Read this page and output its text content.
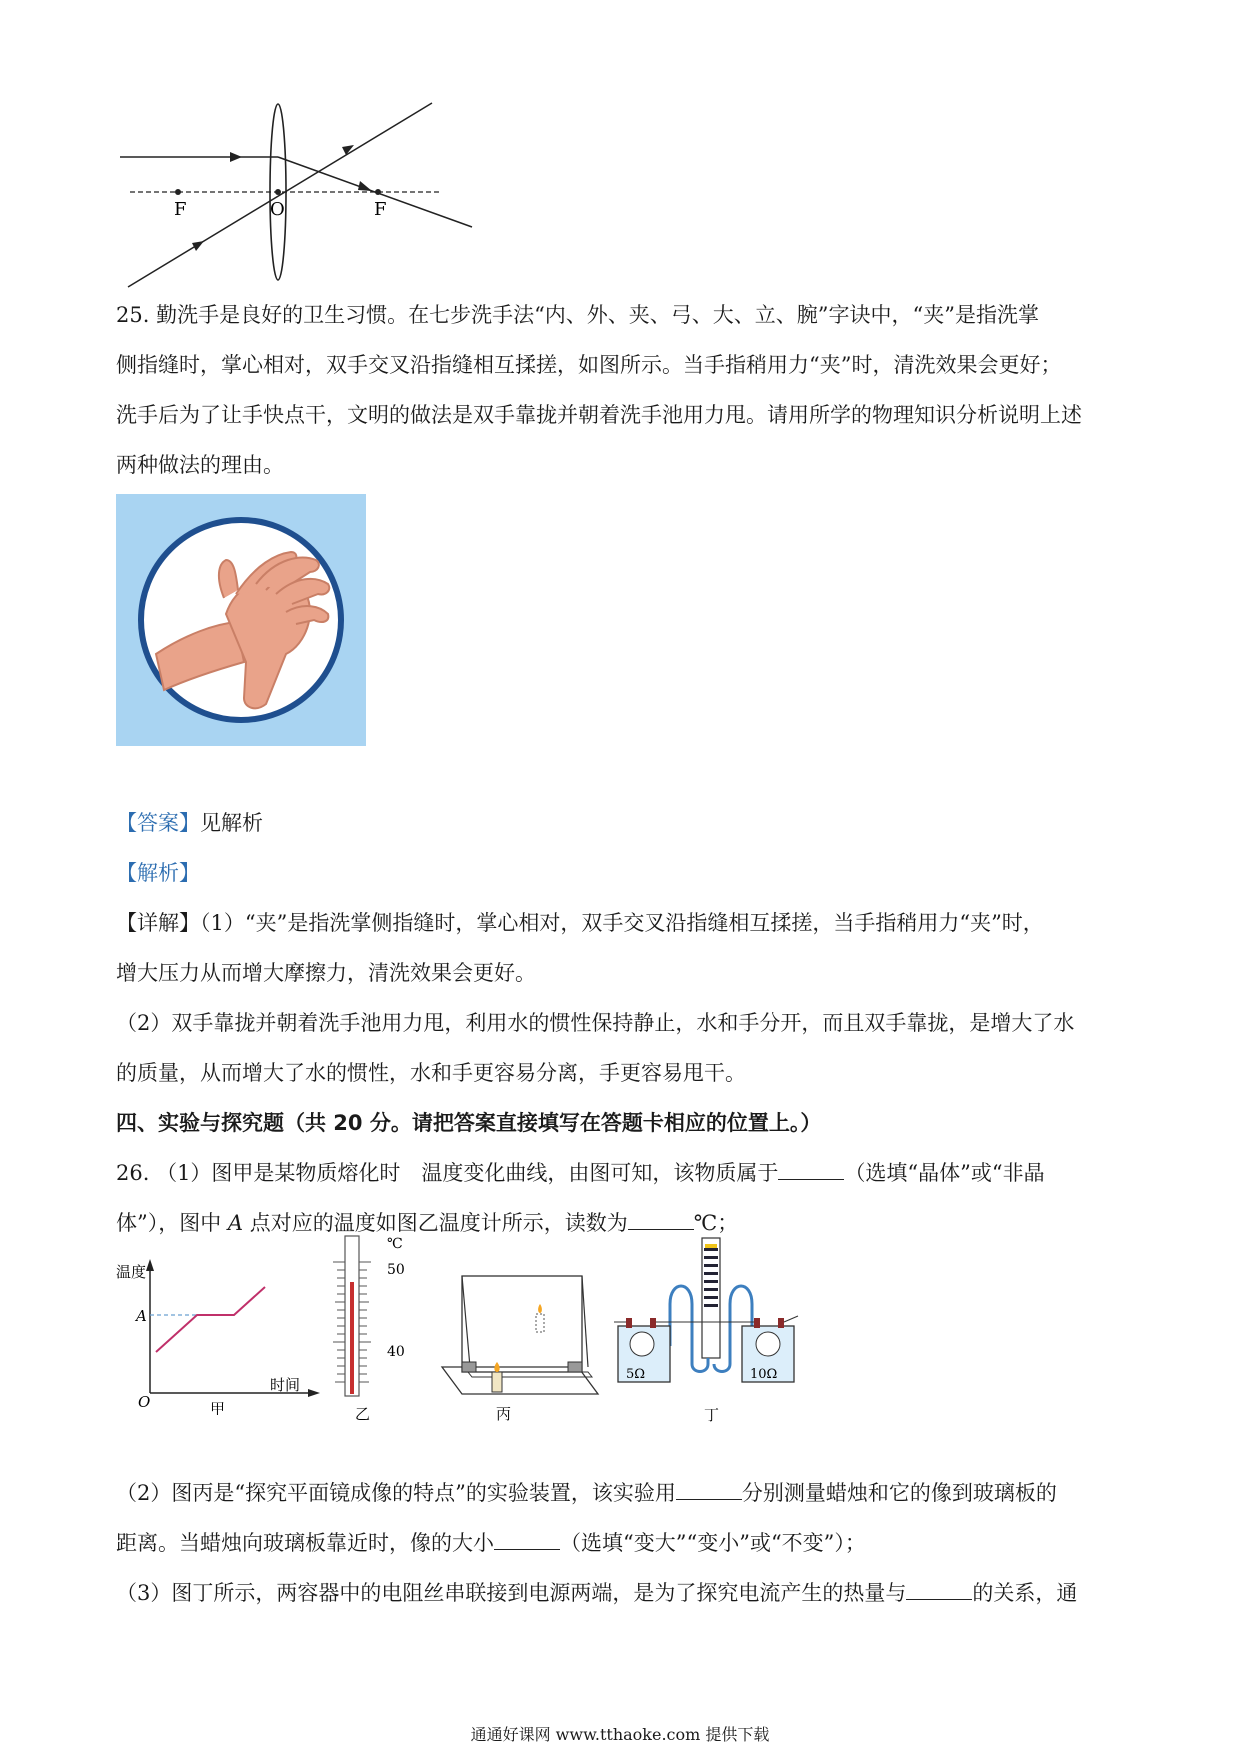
F	O	F
25. 勤洗手是良好的卫生习惯。在七步洗手法“内、外、夹、弓、大、立、腕”字诀中，“夹”是指洗掌
侧指缝时，掌心相对，双手交叉沿指缝相互揉搓，如图所示。当手指稍用力“夹”时，清洗效果会更好；
洗手后为了让手快点干，文明的做法是双手靠拢并朝着洗手池用力甩。请用所学的物理知识分析说明上述
两种做法的理由。
【答案】见解析
【解析】
【详解】（1）“夹”是指洗掌侧指缝时，掌心相对，双手交叉沿指缝相互揉搓，当手指稍用力“夹”时，
增大压力从而增大摩擦力，清洗效果会更好。
（2）双手靠拢并朝着洗手池用力甩，利用水的惯性保持静止，水和手分开，而且双手靠拢，是增大了水
的质量，从而增大了水的惯性，水和手更容易分离，手更容易甩干。
四、实验与探究题（共 20 分。请把答案直接填写在答题卡相应的位置上。）
26. （1）图甲是某物质熔化时　温度变化曲线，由图可知，该物质属于	（选填“晶体”或“非晶
体”），图中 A 点对应的温度如图乙温度计所示，读数为	℃；
温度
A
O
时间
甲
℃
50
40
乙	丙
5Ω	10Ω
丁
（2）图丙是“探究平面镜成像的特点”的实验装置，该实验用	分别测量蜡烛和它的像到玻璃板的
距离。当蜡烛向玻璃板靠近时，像的大小	（选填“变大”“变小”或“不变”）；
（3）图丁所示，两容器中的电阻丝串联接到电源两端，是为了探究电流产生的热量与	的关系，通
通通好课网 www.tthaoke.com 提供下载
